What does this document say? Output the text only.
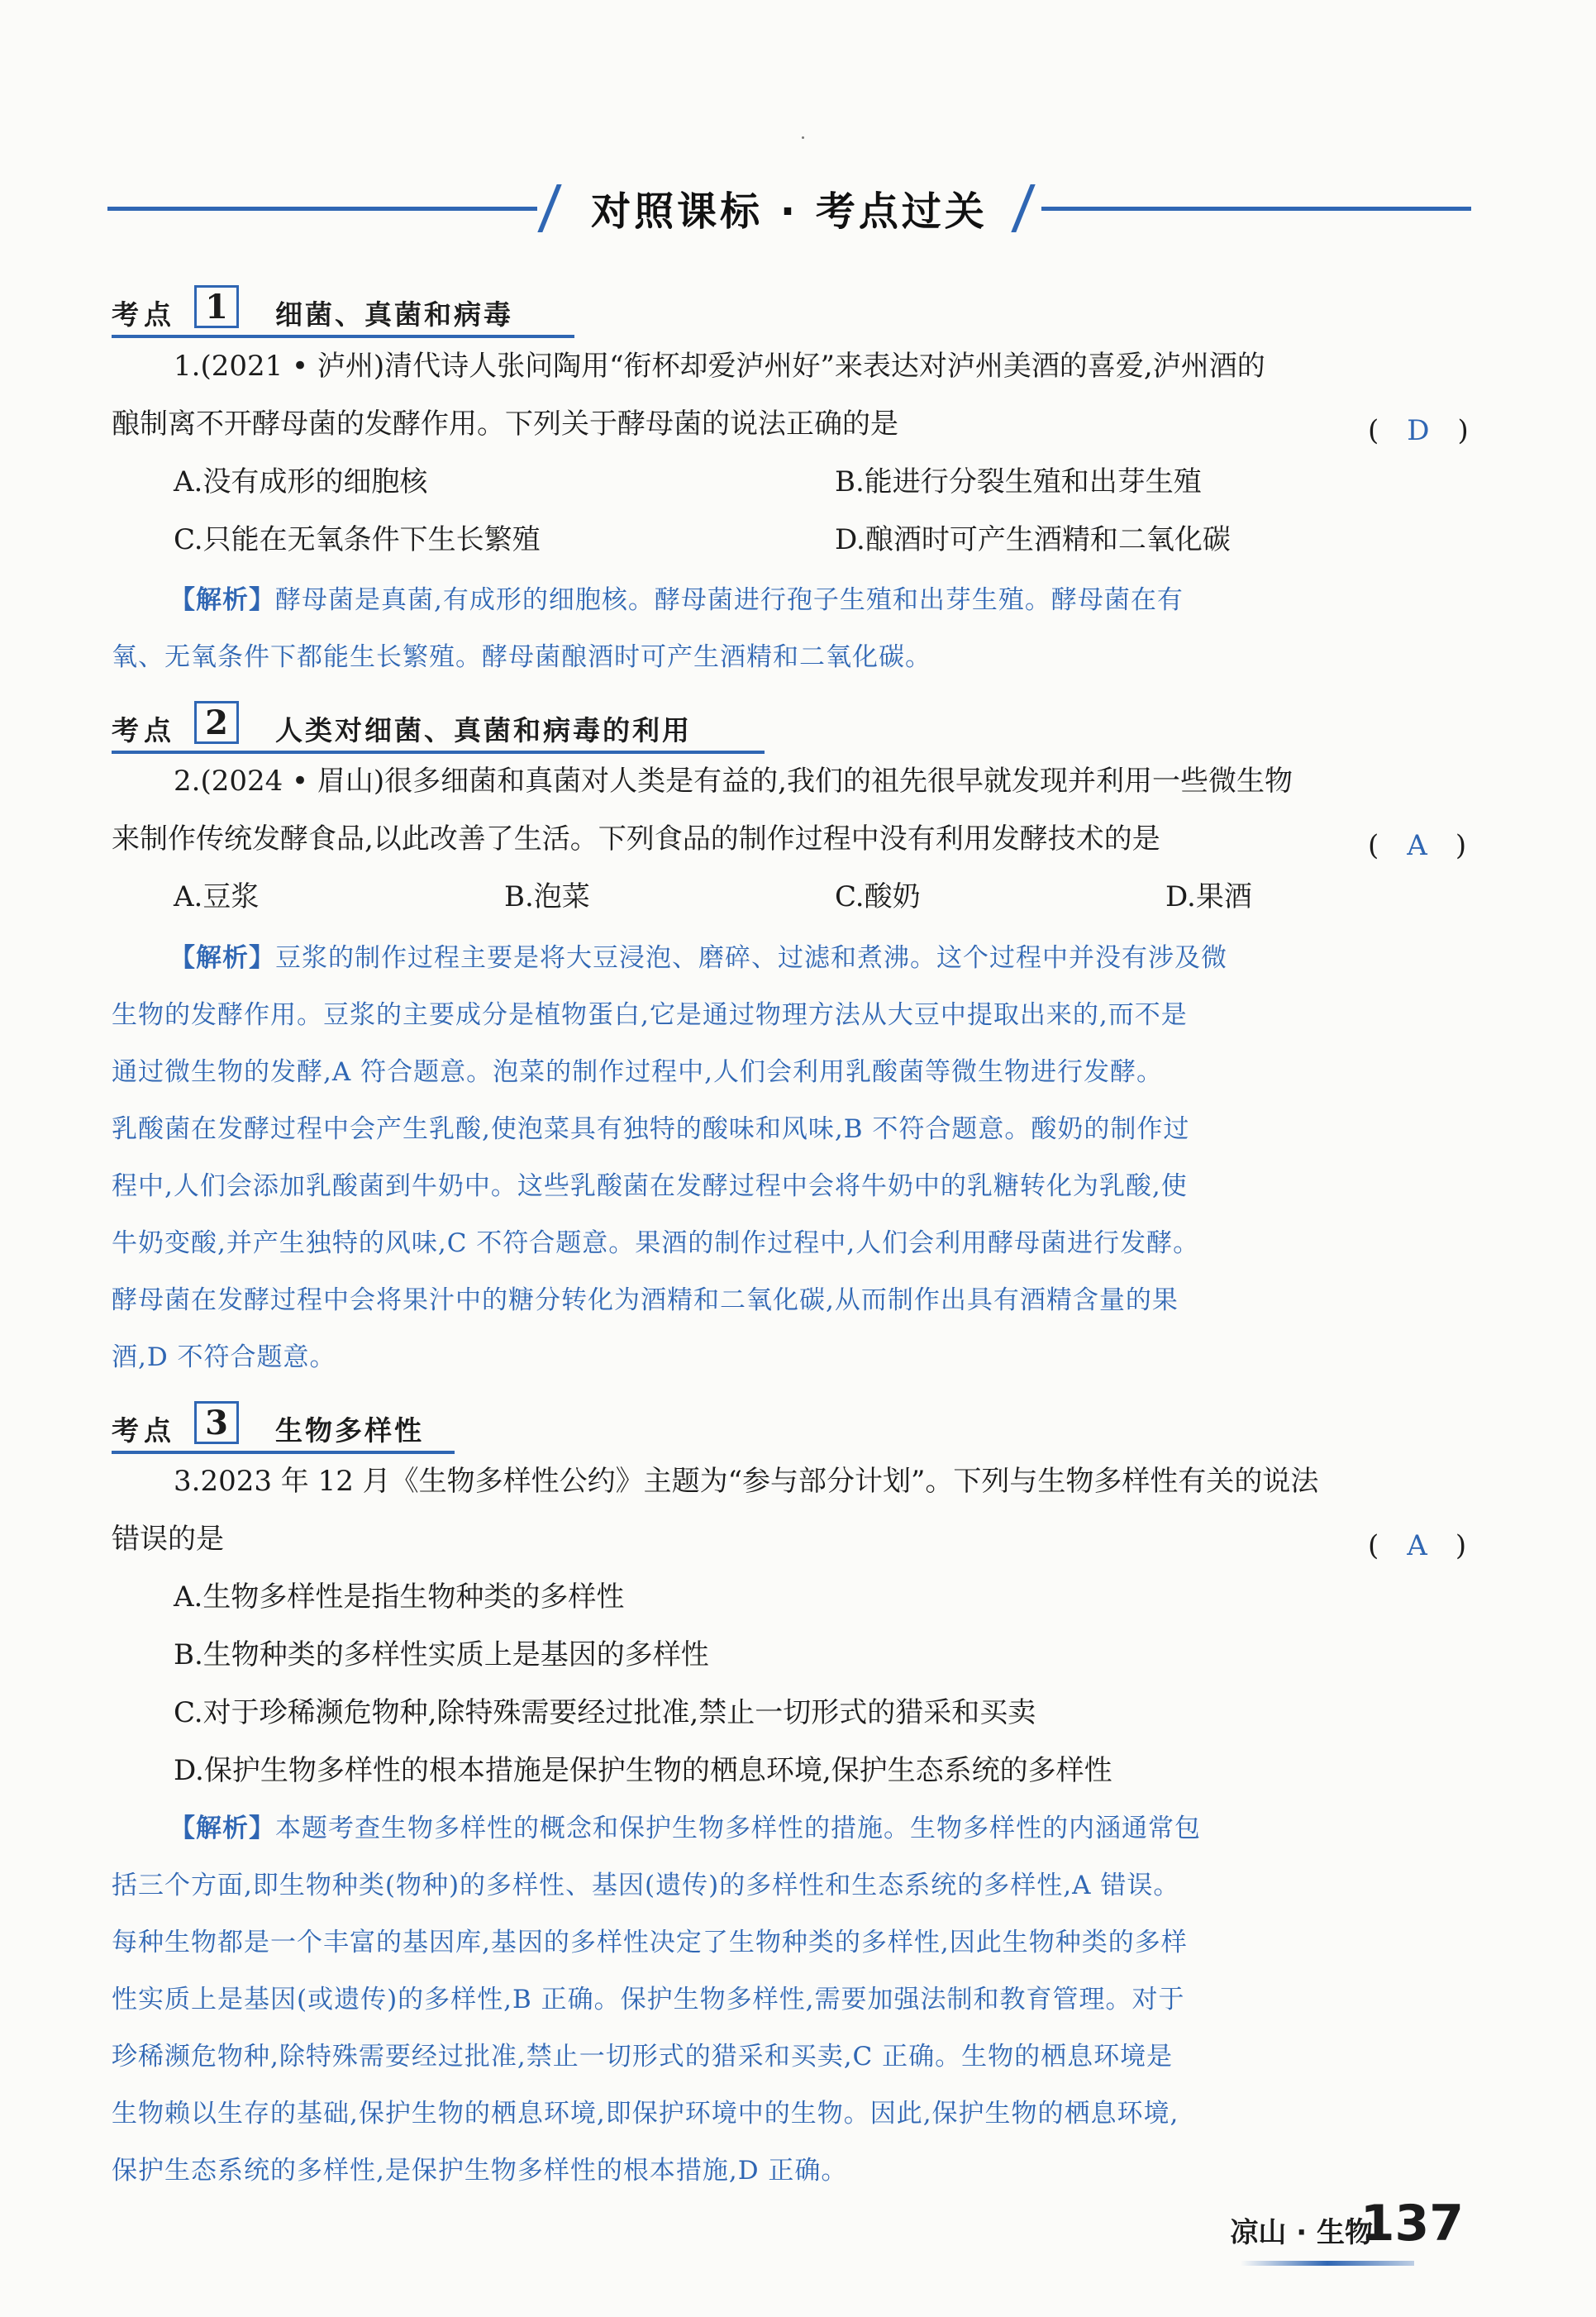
对照课标 · 考点过关
考点 1	细菌、真菌和病毒
1.(2021 • 泸州)清代诗人张问陶用“衔杯却爱泸州好”来表达对泸州美酒的喜爱,泸州酒的
酿制离不开酵母菌的发酵作用。下列关于酵母菌的说法正确的是	(　D　)
A.没有成形的细胞核	B.能进行分裂生殖和出芽生殖
C.只能在无氧条件下生长繁殖	D.酿酒时可产生酒精和二氧化碳
【解析】酵母菌是真菌,有成形的细胞核。酵母菌进行孢子生殖和出芽生殖。酵母菌在有
氧、无氧条件下都能生长繁殖。酵母菌酿酒时可产生酒精和二氧化碳。
考点 2	人类对细菌、真菌和病毒的利用
2.(2024 • 眉山)很多细菌和真菌对人类是有益的,我们的祖先很早就发现并利用一些微生物
来制作传统发酵食品,以此改善了生活。下列食品的制作过程中没有利用发酵技术的是	(　A　)
A.豆浆	B.泡菜	C.酸奶	D.果酒
【解析】豆浆的制作过程主要是将大豆浸泡、磨碎、过滤和煮沸。这个过程中并没有涉及微
生物的发酵作用。豆浆的主要成分是植物蛋白,它是通过物理方法从大豆中提取出来的,而不是
通过微生物的发酵,A 符合题意。泡菜的制作过程中,人们会利用乳酸菌等微生物进行发酵。
乳酸菌在发酵过程中会产生乳酸,使泡菜具有独特的酸味和风味,B 不符合题意。酸奶的制作过
程中,人们会添加乳酸菌到牛奶中。这些乳酸菌在发酵过程中会将牛奶中的乳糖转化为乳酸,使
牛奶变酸,并产生独特的风味,C 不符合题意。果酒的制作过程中,人们会利用酵母菌进行发酵。
酵母菌在发酵过程中会将果汁中的糖分转化为酒精和二氧化碳,从而制作出具有酒精含量的果
酒,D 不符合题意。
考点 3	生物多样性
3.2023 年 12 月《生物多样性公约》主题为“参与部分计划”。下列与生物多样性有关的说法
错误的是	(　A　)
A.生物多样性是指生物种类的多样性
B.生物种类的多样性实质上是基因的多样性
C.对于珍稀濒危物种,除特殊需要经过批准,禁止一切形式的猎采和买卖
D.保护生物多样性的根本措施是保护生物的栖息环境,保护生态系统的多样性
【解析】本题考查生物多样性的概念和保护生物多样性的措施。生物多样性的内涵通常包
括三个方面,即生物种类(物种)的多样性、基因(遗传)的多样性和生态系统的多样性,A 错误。
每种生物都是一个丰富的基因库,基因的多样性决定了生物种类的多样性,因此生物种类的多样
性实质上是基因(或遗传)的多样性,B 正确。保护生物多样性,需要加强法制和教育管理。对于
珍稀濒危物种,除特殊需要经过批准,禁止一切形式的猎采和买卖,C 正确。生物的栖息环境是
生物赖以生存的基础,保护生物的栖息环境,即保护环境中的生物。因此,保护生物的栖息环境,
保护生态系统的多样性,是保护生物多样性的根本措施,D 正确。
凉山 · 生物
137
